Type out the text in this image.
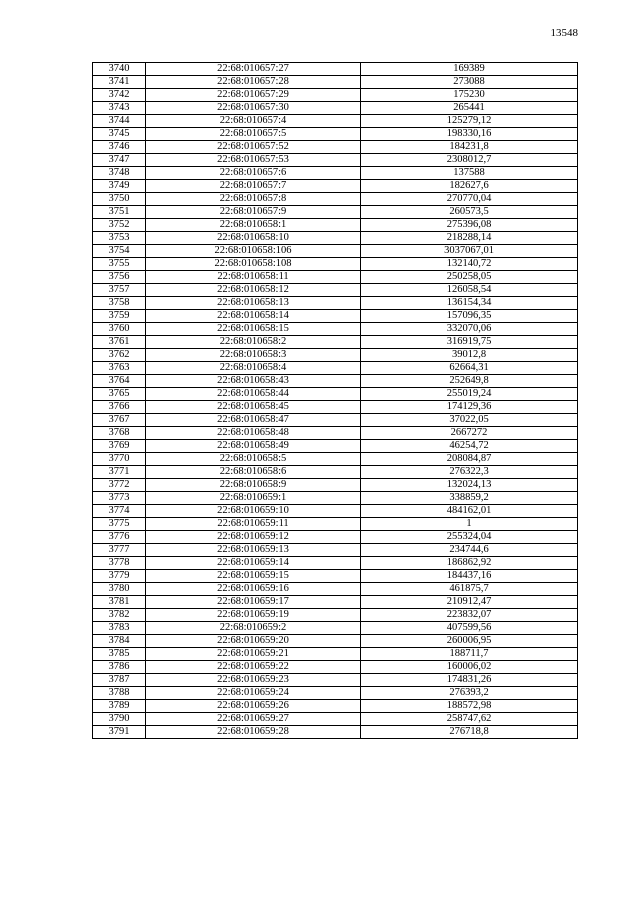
13548
3740	22:68:010657:27	169389
3741	22:68:010657:28	273088
3742	22:68:010657:29	175230
3743	22:68:010657:30	265441
3744	22:68:010657:4	125279,12
3745	22:68:010657:5	198330,16
3746	22:68:010657:52	184231,8
3747	22:68:010657:53	2308012,7
3748	22:68:010657:6	137588
3749	22:68:010657:7	182627,6
3750	22:68:010657:8	270770,04
3751	22:68:010657:9	260573,5
3752	22:68:010658:1	275396,08
3753	22:68:010658:10	218288,14
3754	22:68:010658:106	3037067,01
3755	22:68:010658:108	132140,72
3756	22:68:010658:11	250258,05
3757	22:68:010658:12	126058,54
3758	22:68:010658:13	136154,34
3759	22:68:010658:14	157096,35
3760	22:68:010658:15	332070,06
3761	22:68:010658:2	316919,75
3762	22:68:010658:3	39012,8
3763	22:68:010658:4	62664,31
3764	22:68:010658:43	252649,8
3765	22:68:010658:44	255019,24
3766	22:68:010658:45	174129,36
3767	22:68:010658:47	37022,05
3768	22:68:010658:48	2667272
3769	22:68:010658:49	46254,72
3770	22:68:010658:5	208084,87
3771	22:68:010658:6	276322,3
3772	22:68:010658:9	132024,13
3773	22:68:010659:1	338859,2
3774	22:68:010659:10	484162,01
3775	22:68:010659:11	1
3776	22:68:010659:12	255324,04
3777	22:68:010659:13	234744,6
3778	22:68:010659:14	186862,92
3779	22:68:010659:15	184437,16
3780	22:68:010659:16	461875,7
3781	22:68:010659:17	210912,47
3782	22:68:010659:19	223832,07
3783	22:68:010659:2	407599,56
3784	22:68:010659:20	260006,95
3785	22:68:010659:21	188711,7
3786	22:68:010659:22	160006,02
3787	22:68:010659:23	174831,26
3788	22:68:010659:24	276393,2
3789	22:68:010659:26	188572,98
3790	22:68:010659:27	258747,62
3791	22:68:010659:28	276718,8
